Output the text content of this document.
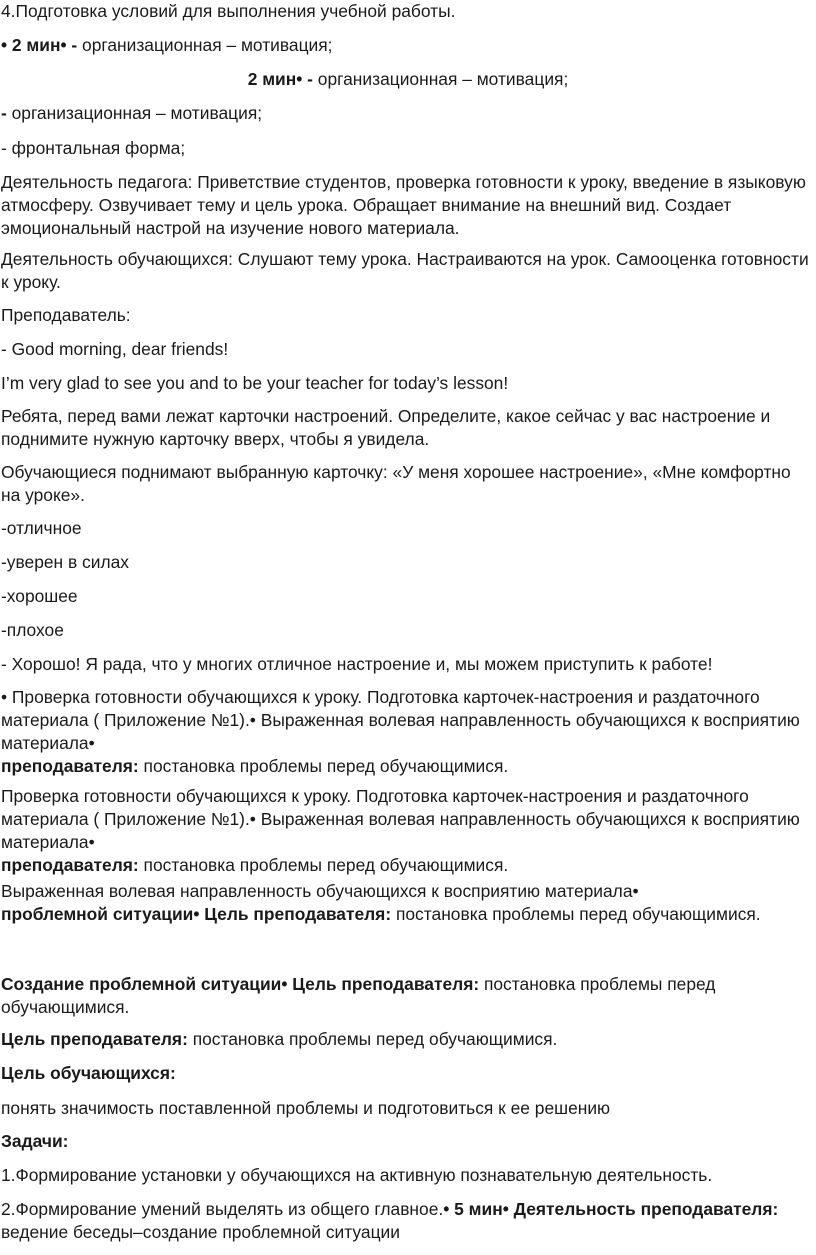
4.Подготовка условий для выполнения учебной работы.

• 2 мин• - организационная – мотивация;

2 мин• - организационная – мотивация;

- организационная – мотивация;

- фронтальная форма;

Деятельность педагога: Приветствие студентов, проверка готовности к уроку, введение в языковую атмосферу. Озвучивает тему и цель урока. Обращает внимание на внешний вид. Создает эмоциональный настрой на изучение нового материала.

Деятельность обучающихся: Слушают тему урока. Настраиваются на урок. Самооценка готовности к уроку.

Преподаватель:

- Good morning, dear friends!

I’m very glad to see you and to be your teacher for today’s lesson!

Ребята, перед вами лежат карточки настроений. Определите, какое сейчас у вас настроение и поднимите нужную карточку вверх, чтобы я увидела.

Обучающиеся поднимают выбранную карточку: «У меня хорошее настроение», «Мне комфортно на уроке».

-отличное

-уверен в силах

-хорошее

-плохое

- Хорошо! Я рада, что у многих отличное настроение и, мы можем приступить к работе!

• Проверка готовности обучающихся к уроку. Подготовка карточек-настроения и раздаточного материала ( Приложение №1).• Выраженная волевая направленность обучающихся к восприятию материала•
преподавателя: постановка проблемы перед обучающимися.

Проверка готовности обучающихся к уроку. Подготовка карточек-настроения и раздаточного материала ( Приложение №1).• Выраженная волевая направленность обучающихся к восприятию материала•
преподавателя: постановка проблемы перед обучающимися.

Выраженная волевая направленность обучающихся к восприятию материала•
проблемной ситуации• Цель преподавателя: постановка проблемы перед обучающимися.

Создание проблемной ситуации• Цель преподавателя: постановка проблемы перед обучающимися.

Цель преподавателя: постановка проблемы перед обучающимися.

Цель обучающихся:

понять значимость поставленной проблемы и подготовиться к ее решению

Задачи:

1.Формирование установки у обучающихся на активную познавательную деятельность.

2.Формирование умений выделять из общего главное.• 5 мин• Деятельность преподавателя: ведение беседы–создание проблемной ситуации
